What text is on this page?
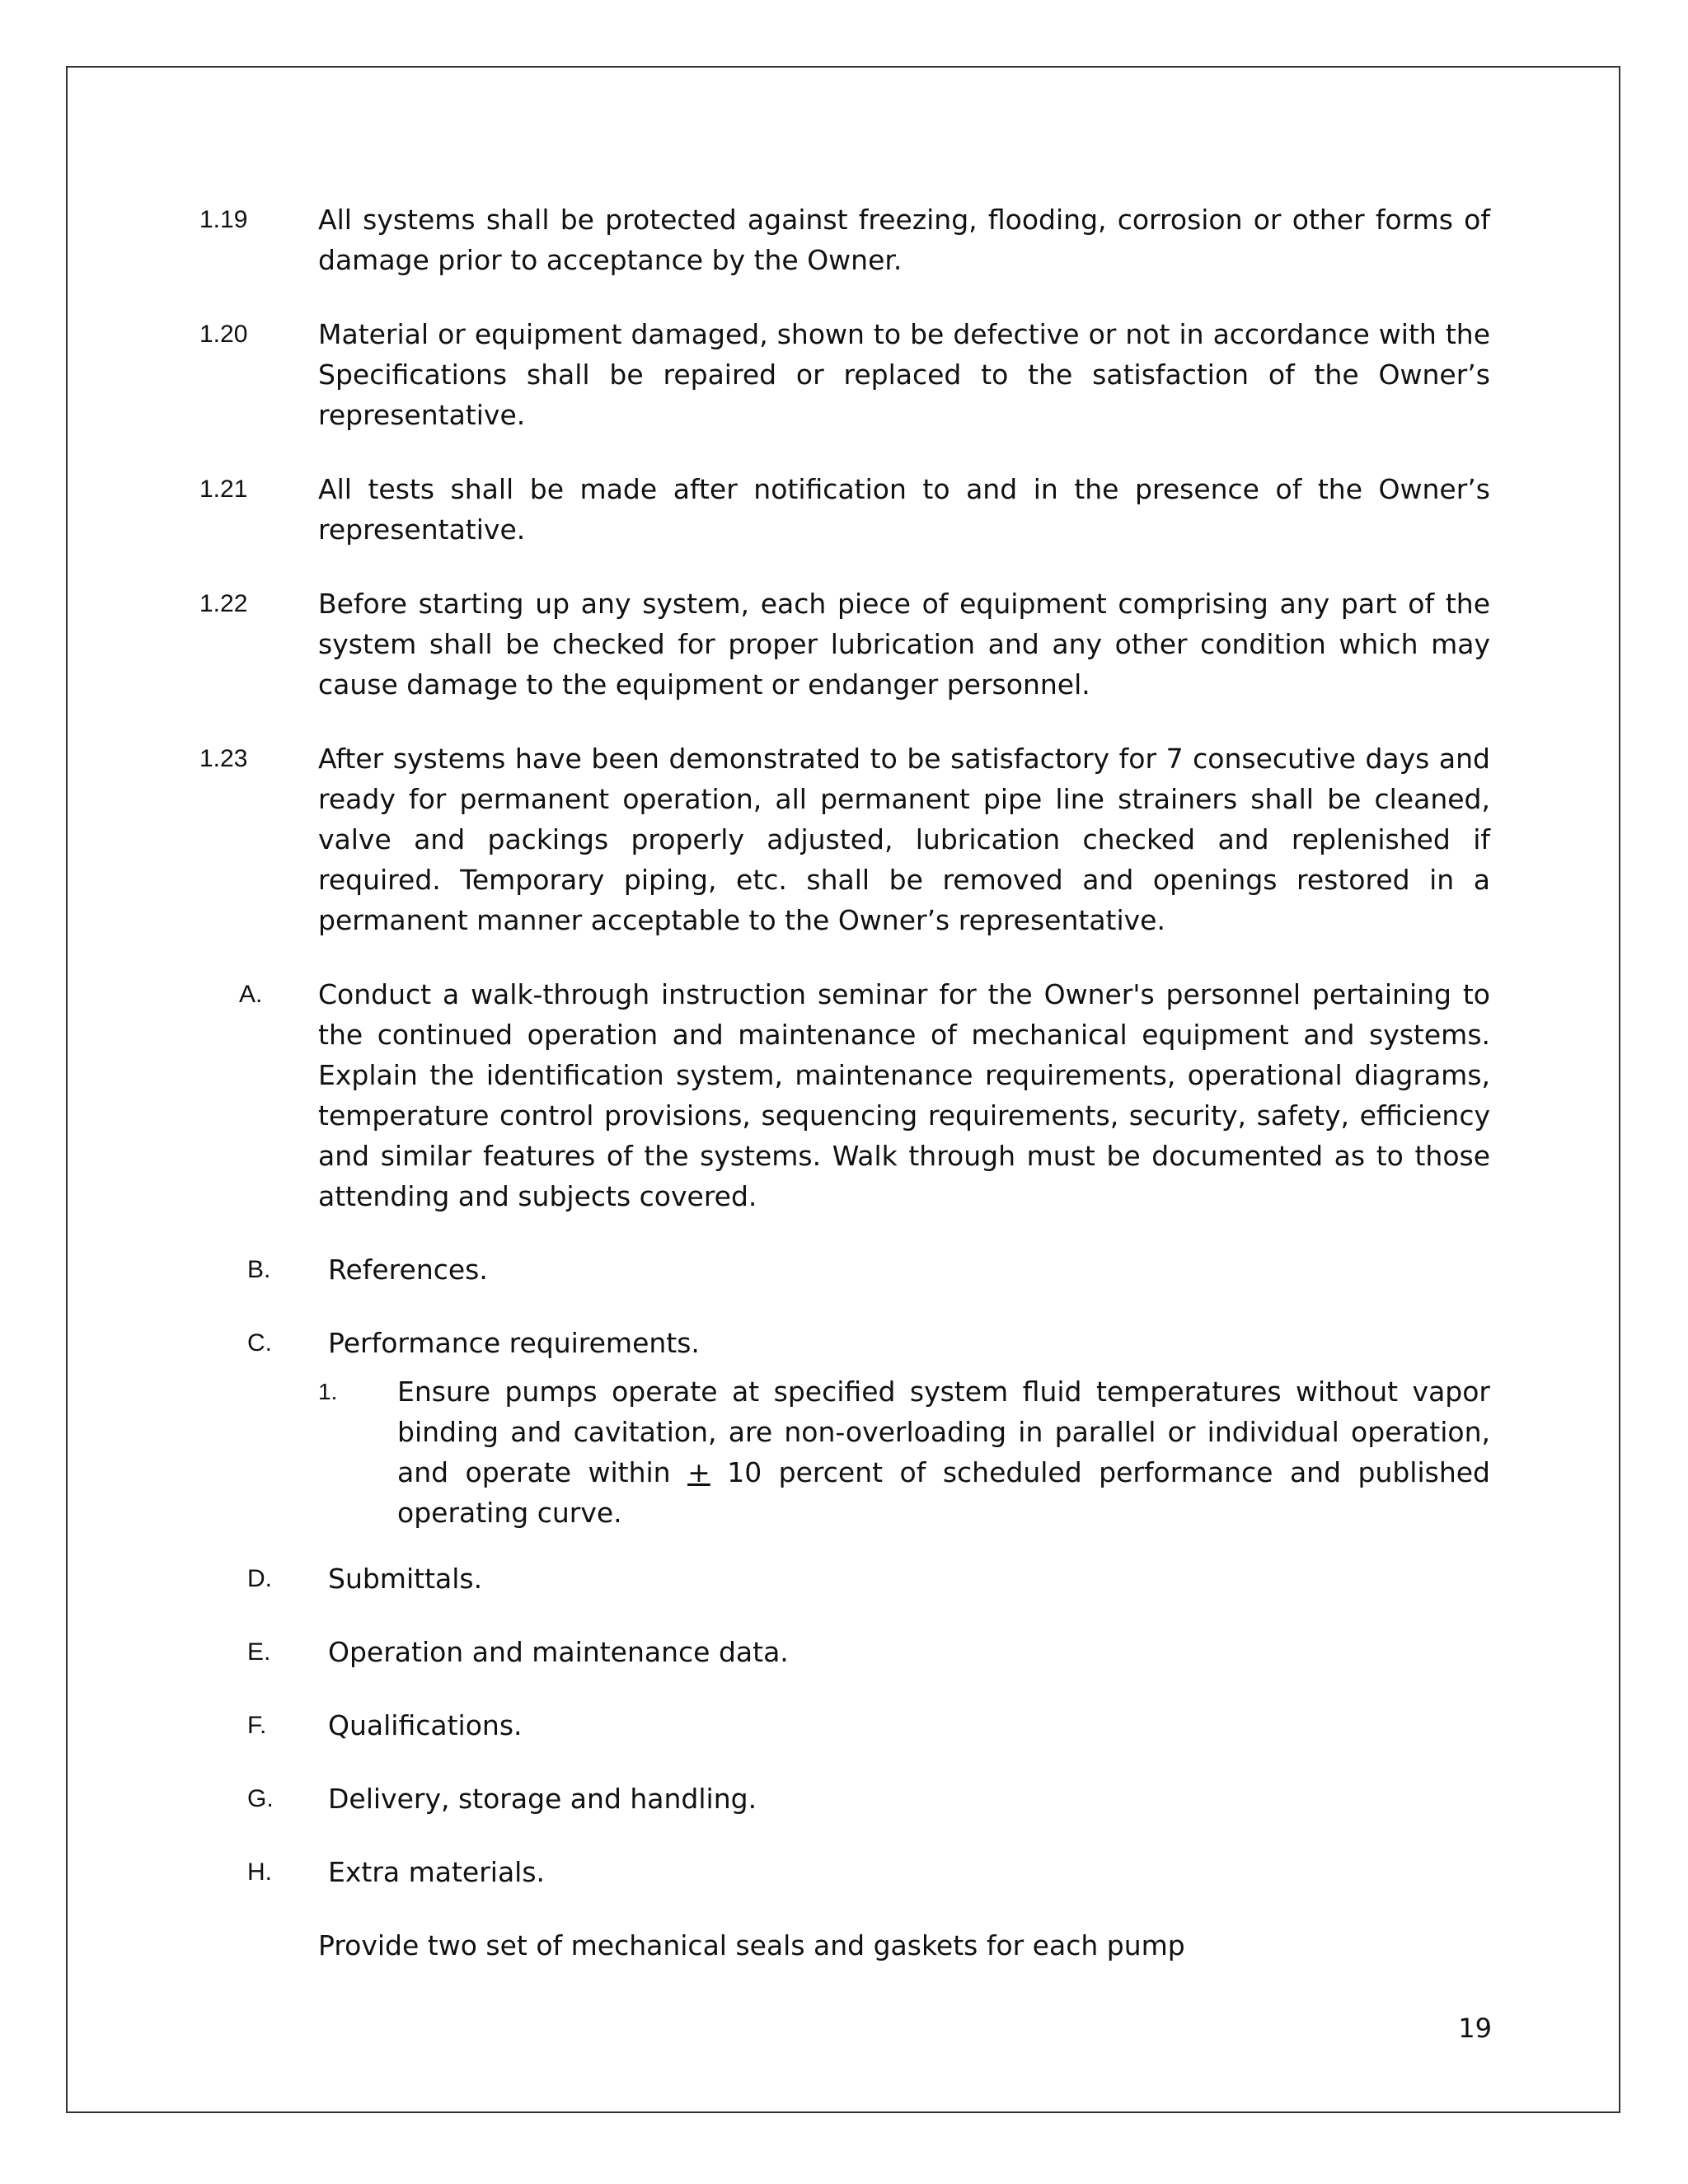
1.19	All systems shall be protected against freezing, flooding, corrosion or other forms of damage prior to acceptance by the Owner.
1.20	Material or equipment damaged, shown to be defective or not in accordance with the Specifications shall be repaired or replaced to the satisfaction of the Owner’s representative.
1.21	All tests shall be made after notification to and in the presence of the Owner’s representative.
1.22	Before starting up any system, each piece of equipment comprising any part of the system shall be checked for proper lubrication and any other condition which may cause damage to the equipment or endanger personnel.
1.23	After systems have been demonstrated to be satisfactory for 7 consecutive days and ready for permanent operation, all permanent pipe line strainers shall be cleaned, valve and packings properly adjusted, lubrication checked and replenished if required. Temporary piping, etc. shall be removed and openings restored in a permanent manner acceptable to the Owner’s representative.
A. Conduct a walk-through instruction seminar for the Owner's personnel pertaining to the continued operation and maintenance of mechanical equipment and systems. Explain the identification system, maintenance requirements, operational diagrams, temperature control provisions, sequencing requirements, security, safety, efficiency and similar features of the systems. Walk through must be documented as to those attending and subjects covered.
B. References.
C. Performance requirements.
1. Ensure pumps operate at specified system fluid temperatures without vapor binding and cavitation, are non-overloading in parallel or individual operation, and operate within + 10 percent of scheduled performance and published operating curve.
D. Submittals.
E. Operation and maintenance data.
F. Qualifications.
G. Delivery, storage and handling.
H. Extra materials.
Provide two set of mechanical seals and gaskets for each pump
19
